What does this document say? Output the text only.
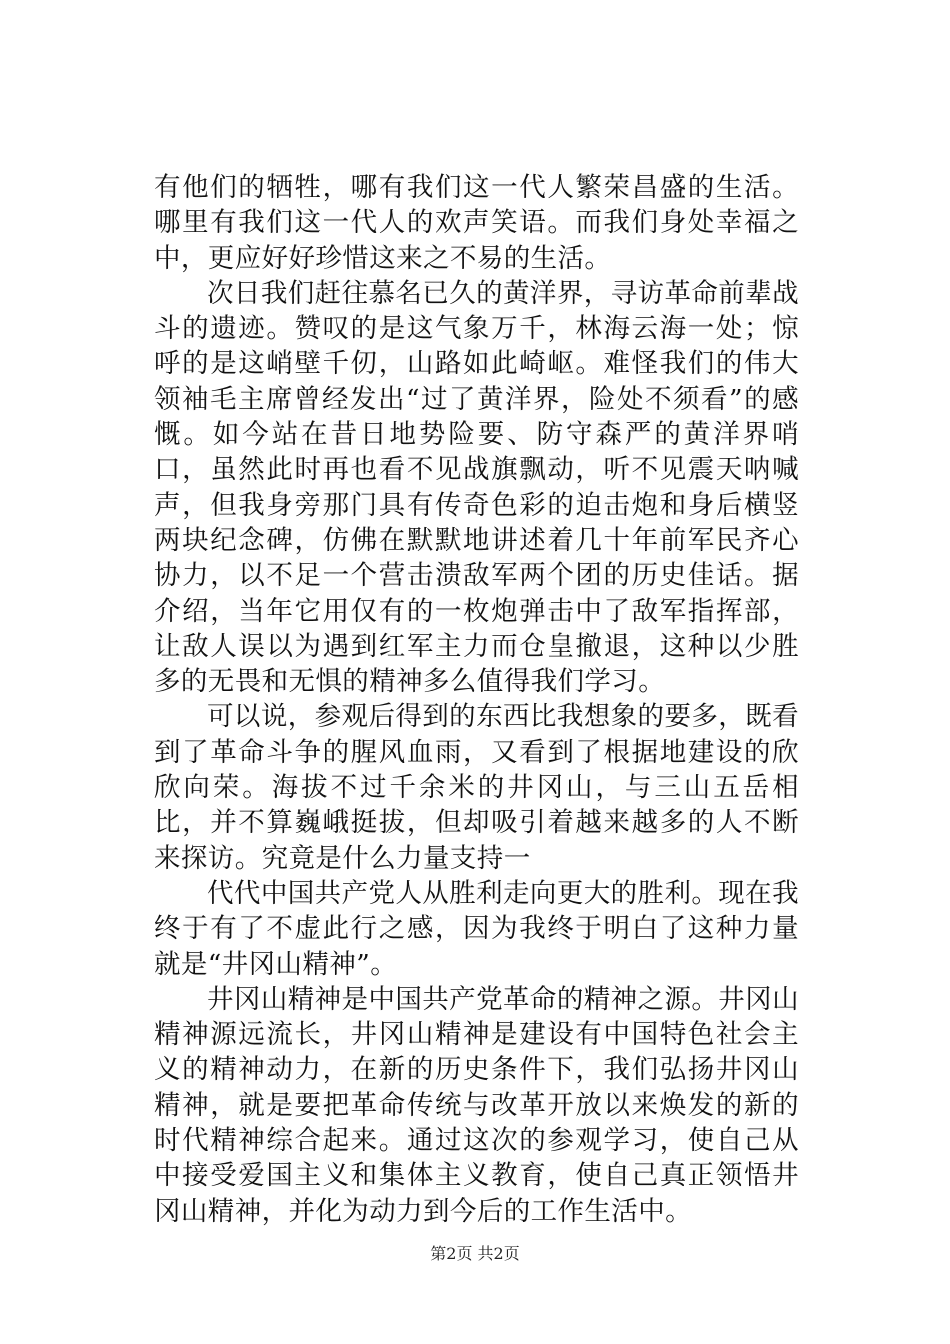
有他们的牺牲，哪有我们这一代人繁荣昌盛的生活。哪里有我们这一代人的欢声笑语。而我们身处幸福之中，更应好好珍惜这来之不易的生活。

次日我们赶往慕名已久的黄洋界，寻访革命前辈战斗的遗迹。赞叹的是这气象万千，林海云海一处；惊呼的是这峭壁千仞，山路如此崎岖。难怪我们的伟大领袖毛主席曾经发出“过了黄洋界，险处不须看”的感慨。如今站在昔日地势险要、防守森严的黄洋界哨口，虽然此时再也看不见战旗飘动，听不见震天呐喊声，但我身旁那门具有传奇色彩的迫击炮和身后横竖两块纪念碑，仿佛在默默地讲述着几十年前军民齐心协力，以不足一个营击溃敌军两个团的历史佳话。据介绍，当年它用仅有的一枚炮弹击中了敌军指挥部，让敌人误以为遇到红军主力而仓皇撤退，这种以少胜多的无畏和无惧的精神多么值得我们学习。

可以说，参观后得到的东西比我想象的要多，既看到了革命斗争的腥风血雨，又看到了根据地建设的欣欣向荣。海拔不过千余米的井冈山，与三山五岳相比，并不算巍峨挺拔，但却吸引着越来越多的人不断来探访。究竟是什么力量支持一

代代中国共产党人从胜利走向更大的胜利。现在我终于有了不虚此行之感，因为我终于明白了这种力量就是“井冈山精神”。

井冈山精神是中国共产党革命的精神之源。井冈山精神源远流长，井冈山精神是建设有中国特色社会主义的精神动力，在新的历史条件下，我们弘扬井冈山精神，就是要把革命传统与改革开放以来焕发的新的时代精神综合起来。通过这次的参观学习，使自己从中接受爱国主义和集体主义教育，使自己真正领悟井冈山精神，并化为动力到今后的工作生活中。

第2页 共2页
